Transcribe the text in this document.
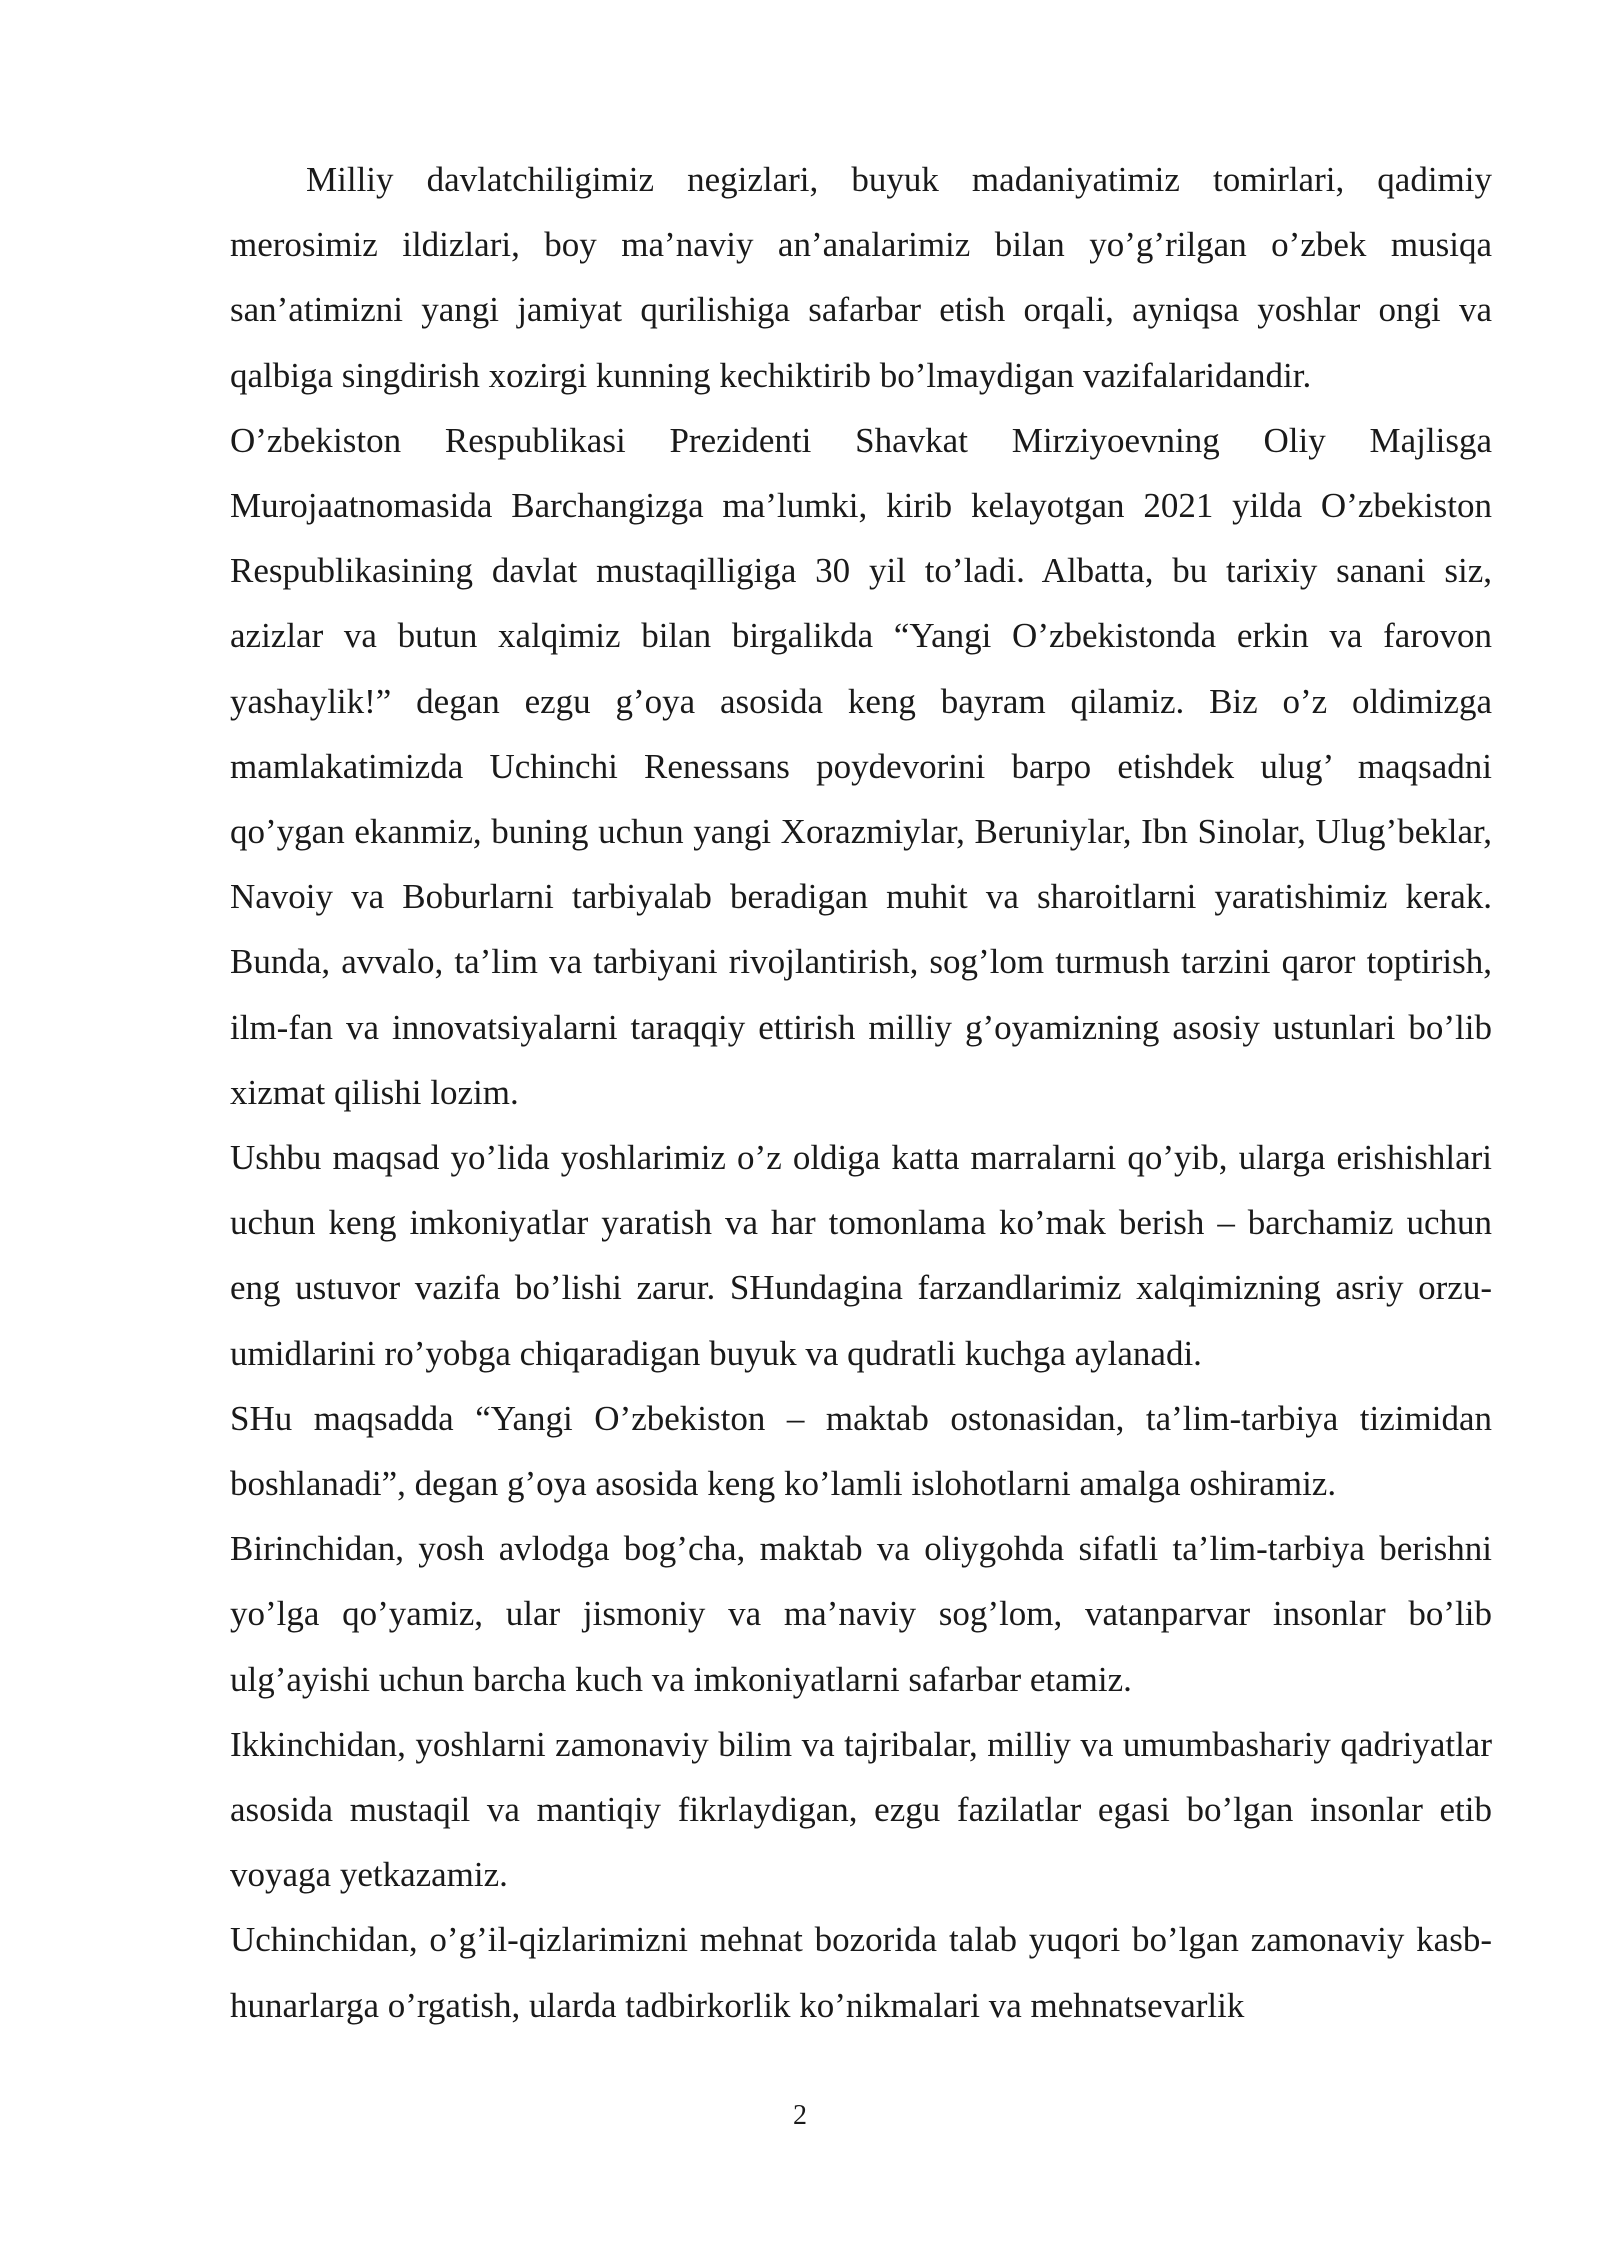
Milliy davlatchiligimiz negizlari, buyuk madaniyatimiz tomirlari, qadimiy merosimiz ildizlari, boy ma’naviy an’analarimiz bilan yo’g’rilgan o’zbek musiqa san’atimizni yangi jamiyat qurilishiga safarbar etish orqali, ayniqsa yoshlar ongi va qalbiga singdirish xozirgi kunning kechiktirib bo’lmaydigan vazifalaridandir.

O’zbekiston Respublikasi Prezidenti Shavkat Mirziyoevning Oliy Majlisga Murojaatnomasida Barchangizga ma’lumki, kirib kelayotgan 2021 yilda O’zbekiston Respublikasining davlat mustaqilligiga 30 yil to’ladi. Albatta, bu tarixiy sanani siz, azizlar va butun xalqimiz bilan birgalikda “Yangi O’zbekistonda erkin va farovon yashaylik!” degan ezgu g’oya asosida keng bayram qilamiz. Biz o’z oldimizga mamlakatimizda Uchinchi Renessans poydevorini barpo etishdek ulug’ maqsadni qo’ygan ekanmiz, buning uchun yangi Xorazmiylar, Beruniylar, Ibn Sinolar, Ulug’beklar, Navoiy va Boburlarni tarbiyalab beradigan muhit va sharoitlarni yaratishimiz kerak. Bunda, avvalo, ta’lim va tarbiyani rivojlantirish, sog’lom turmush tarzini qaror toptirish, ilm-fan va innovatsiyalarni taraqqiy ettirish milliy g’oyamizning asosiy ustunlari bo’lib xizmat qilishi lozim.

Ushbu maqsad yo’lida yoshlarimiz o’z oldiga katta marralarni qo’yib, ularga erishishlari uchun keng imkoniyatlar yaratish va har tomonlama ko’mak berish – barchamiz uchun eng ustuvor vazifa bo’lishi zarur. SHundagina farzandlarimiz xalqimizning asriy orzu-umidlarini ro’yobga chiqaradigan buyuk va qudratli kuchga aylanadi.

SHu maqsadda “Yangi O’zbekiston – maktab ostonasidan, ta’lim-tarbiya tizimidan boshlanadi”, degan g’oya asosida keng ko’lamli islohotlarni amalga oshiramiz.

Birinchidan, yosh avlodga bog’cha, maktab va oliygohda sifatli ta’lim-tarbiya berishni yo’lga qo’yamiz, ular jismoniy va ma’naviy sog’lom, vatanparvar insonlar bo’lib ulg’ayishi uchun barcha kuch va imkoniyatlarni safarbar etamiz.

Ikkinchidan, yoshlarni zamonaviy bilim va tajribalar, milliy va umumbashariy qadriyatlar asosida mustaqil va mantiqiy fikrlaydigan, ezgu fazilatlar egasi bo’lgan insonlar etib voyaga yetkazamiz.

Uchinchidan, o’g’il-qizlarimizni mehnat bozorida talab yuqori bo’lgan zamonaviy kasb-hunarlarga o’rgatish, ularda tadbirkorlik ko’nikmalari va mehnatsevarlik

2
